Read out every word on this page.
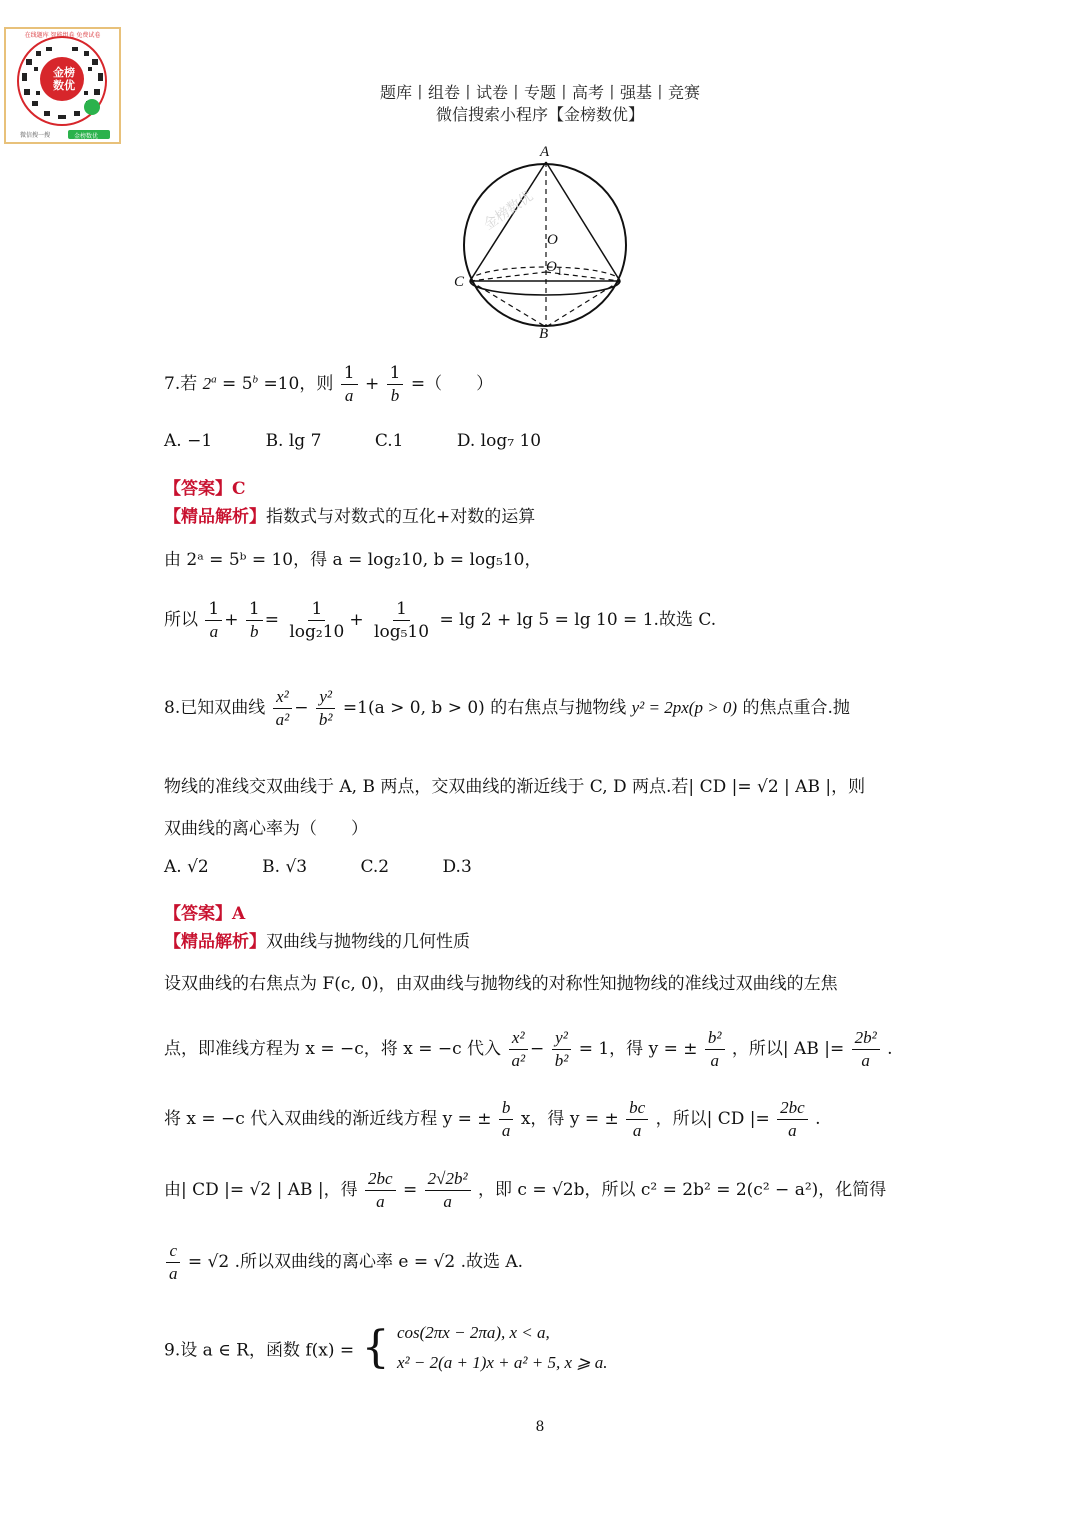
金榜
数优
在线题库 智能组卷 免费试卷
微信搜一搜	金榜数优
题库丨组卷丨试卷丨专题丨高考丨强基丨竞赛
微信搜索小程序【金榜数优】
A
B
C
O
$O_1$
金榜数优
7.若 $2^a = 5^b =10$，则 $\frac{1}{a} + \frac{1}{b}$ =（　　）
A. −1	B. lg 7	C.1	D. log₇ 10
【答案】C
【精品解析】指数式与对数式的互化+对数的运算
由 2ᵃ = 5ᵇ = 10，得 a = log₂10, b = log₅10，
所以 $\frac{1}{a} + \frac{1}{b} = \frac{1}{\text{log₂10}} + \frac{1}{\text{log₅10}} = \lg 2 + \lg 5 = \lg 10 = 1$.故选 C.
8.已知双曲线 $\frac{\text{x²}}{\text{a²}} - \frac{\text{y²}}{\text{b²}} =1(a > 0$, b > 0) 的右焦点与抛物线 y² = 2px(p > 0) 的焦点重合.抛
物线的准线交双曲线于 A, B 两点，交双曲线的渐近线于 C, D 两点.若| CD |= √2 | AB |，则
双曲线的离心率为（　　）
A. √2	B. √3	C.2	D.3
【答案】A
【精品解析】双曲线与抛物线的几何性质
设双曲线的右焦点为 F(c, 0)，由双曲线与抛物线的对称性知抛物线的准线过双曲线的左焦
点，即准线方程为 x = −c，将 x = −c 代入 $\frac{\text{x²}}{\text{a²}} - \frac{\text{y²}}{\text{b²}} = 1$，得 y = ± $\frac{\text{b²}}{a}$ ，所以| AB |= $\frac{\text{2b²}}{a}$ .
将 x = −c 代入双曲线的渐近线方程 y = ± $\frac{b}{a}$ x，得 y = ± $\frac{bc}{a}$ ，所以| CD |= $\frac{2bc}{a}$ .
由| CD |= √2 | AB |，得 $\frac{2bc}{a} = \frac{\text{2√2b²}}{a}$ ，即 c = √2b，所以 c² = 2b² = 2(c² − a²)，化简得
$\frac{c}{a} = √2$ .所以双曲线的离心率 e = √2 .故选 A.
9.设 a ∈ R，函数 f(x) = { cos(2πx − 2πa), x < a,
x² − 2(a + 1)x + a² + 5, x ⩾ a.
8
